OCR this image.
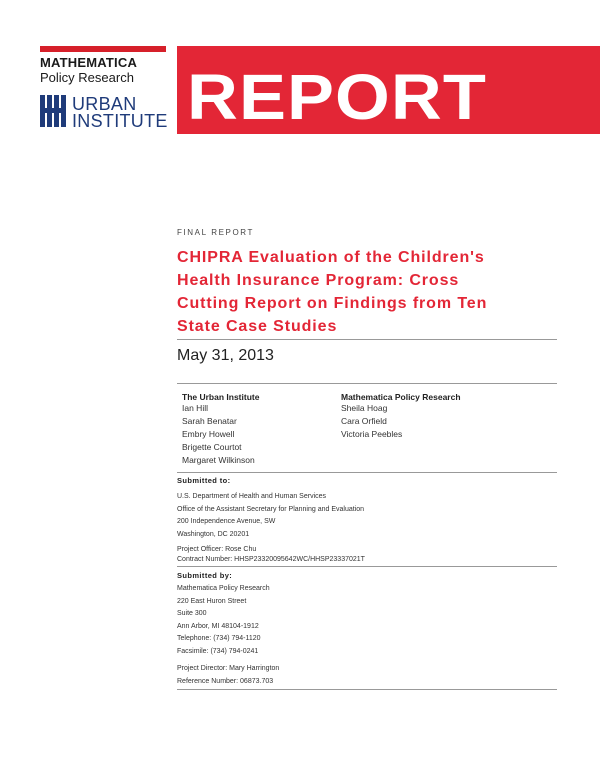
MATHEMATICA
Policy Research
URBAN
INSTITUTE REPORT
FINAL REPORT
CHIPRA Evaluation of the Children's
Health Insurance Program: Cross
Cutting Report on Findings from Ten
State Case Studies
May 31, 2013
The Urban Institute
Ian Hill
Sarah Benatar
Embry Howell
Brigette Courtot
Margaret Wilkinson
Mathematica Policy Research
Sheila Hoag
Cara Orfield
Victoria Peebles
Submitted to:
U.S. Department of Health and Human Services
Office of the Assistant Secretary for Planning and Evaluation
200 Independence Avenue, SW
Washington, DC 20201
Project Officer: Rose Chu
Contract Number: HHSP23320095642WC/HHSP23337021T
Submitted by:
Mathematica Policy Research
220 East Huron Street
Suite 300
Ann Arbor, MI 48104-1912
Telephone: (734) 794-1120
Facsimile: (734) 794-0241
Project Director: Mary Harrington
Reference Number: 06873.703
